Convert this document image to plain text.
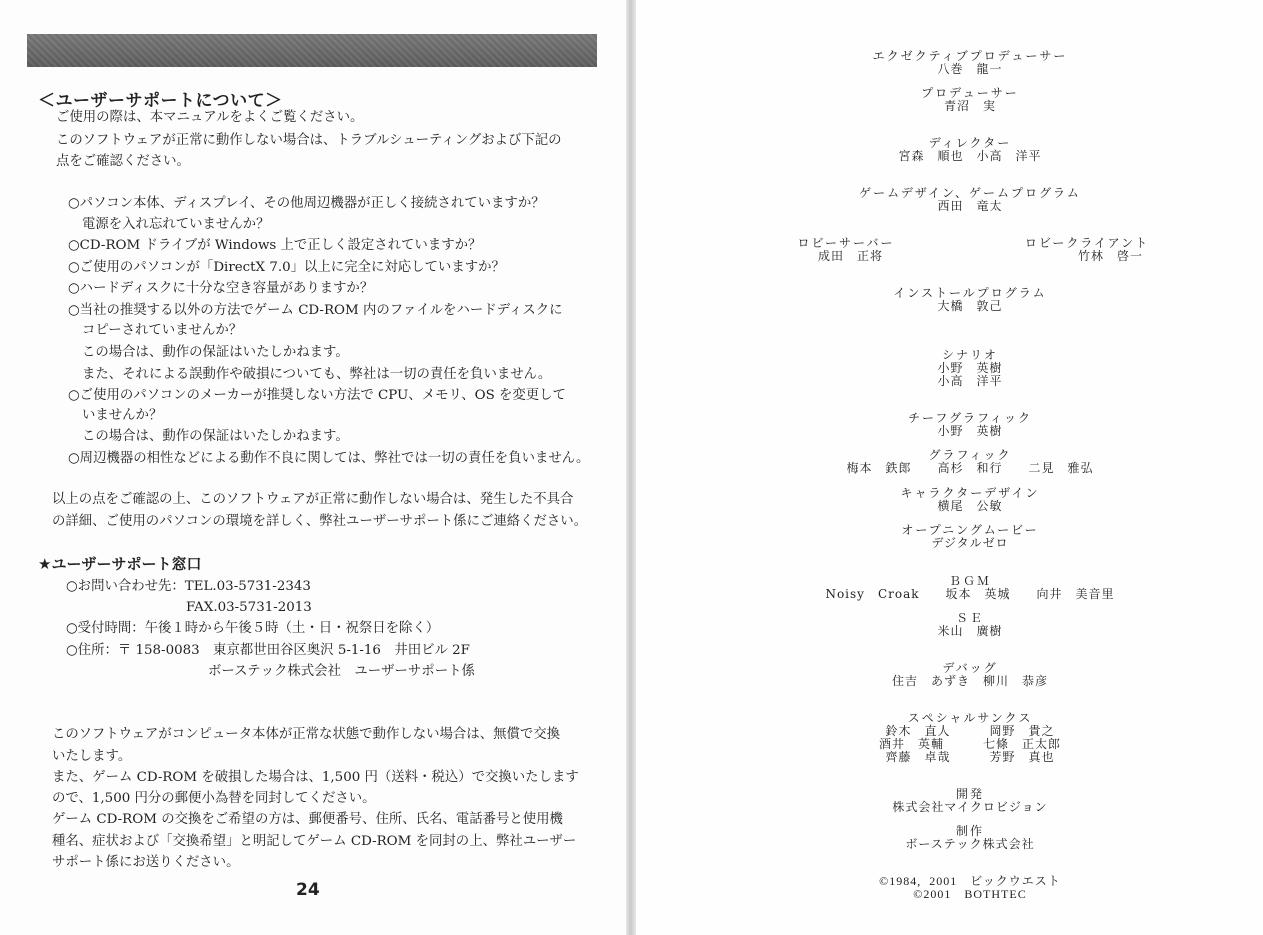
＜ユーザーサポートについて＞
ご使用の際は、本マニュアルをよくご覧ください。
このソフトウェアが正常に動作しない場合は、トラブルシューティングおよび下記の
点をご確認ください。
○パソコン本体、ディスプレイ、その他周辺機器が正しく接続されていますか？
電源を入れ忘れていませんか？
○CD-ROM ドライブが Windows 上で正しく設定されていますか？
○ご使用のパソコンが「DirectX 7.0」以上に完全に対応していますか？
○ハードディスクに十分な空き容量がありますか？
○当社の推奨する以外の方法でゲーム CD-ROM 内のファイルをハードディスクに
コピーされていませんか？
この場合は、動作の保証はいたしかねます。
また、それによる誤動作や破損についても、弊社は一切の責任を負いません。
○ご使用のパソコンのメーカーが推奨しない方法で CPU、メモリ、OS を変更して
いませんか？
この場合は、動作の保証はいたしかねます。
○周辺機器の相性などによる動作不良に関しては、弊社では一切の責任を負いません。
以上の点をご確認の上、このソフトウェアが正常に動作しない場合は、発生した不具合
の詳細、ご使用のパソコンの環境を詳しく、弊社ユーザーサポート係にご連絡ください。
★ユーザーサポート窓口
○お問い合わせ先：TEL.03-5731-2343
FAX.03-5731-2013
○受付時間：午後１時から午後５時（土・日・祝祭日を除く）
○住所：〒 158-0083　東京都世田谷区奥沢 5-1-16　井田ビル 2F
ボーステック株式会社　ユーザーサポート係
このソフトウェアがコンピュータ本体が正常な状態で動作しない場合は、無償で交換
いたします。
また、ゲーム CD-ROM を破損した場合は、1,500 円（送料・税込）で交換いたします
ので、1,500 円分の郵便小為替を同封してください。
ゲーム CD-ROM の交換をご希望の方は、郵便番号、住所、氏名、電話番号と使用機
種名、症状および「交換希望」と明記してゲーム CD-ROM を同封の上、弊社ユーザー
サポート係にお送りください。
24
エクゼクティブプロデューサー
八巻　龍一
プロデューサー
青沼　実
ディレクター
宮森　順也　小高　洋平
ゲームデザイン、ゲームプログラム
西田　竜太
ロビーサーバー
成田　正将
ロビークライアント
竹林　啓一
インストールプログラム
大橋　敦己
シナリオ
小野　英樹
小高　洋平
チーフグラフィック
小野　英樹
グラフィック
梅本　鉄郎　　高杉　和行　　二見　雅弘
キャラクターデザイン
横尾　公敏
オープニングムービー
デジタルゼロ
ＢＧＭ
Noisy　Croak　　坂本　英城　　向井　美音里
ＳＥ
米山　廣樹
デバッグ
住吉　あずき　柳川　恭彦
スペシャルサンクス
鈴木　直人　　　岡野　貴之
酒井　英輔　　　七條　正太郎
齊藤　卓哉　　　芳野　真也
開発
株式会社マイクロビジョン
制作
ボーステック株式会社
©1984, 2001　ビックウエスト
©2001　BOTHTEC
